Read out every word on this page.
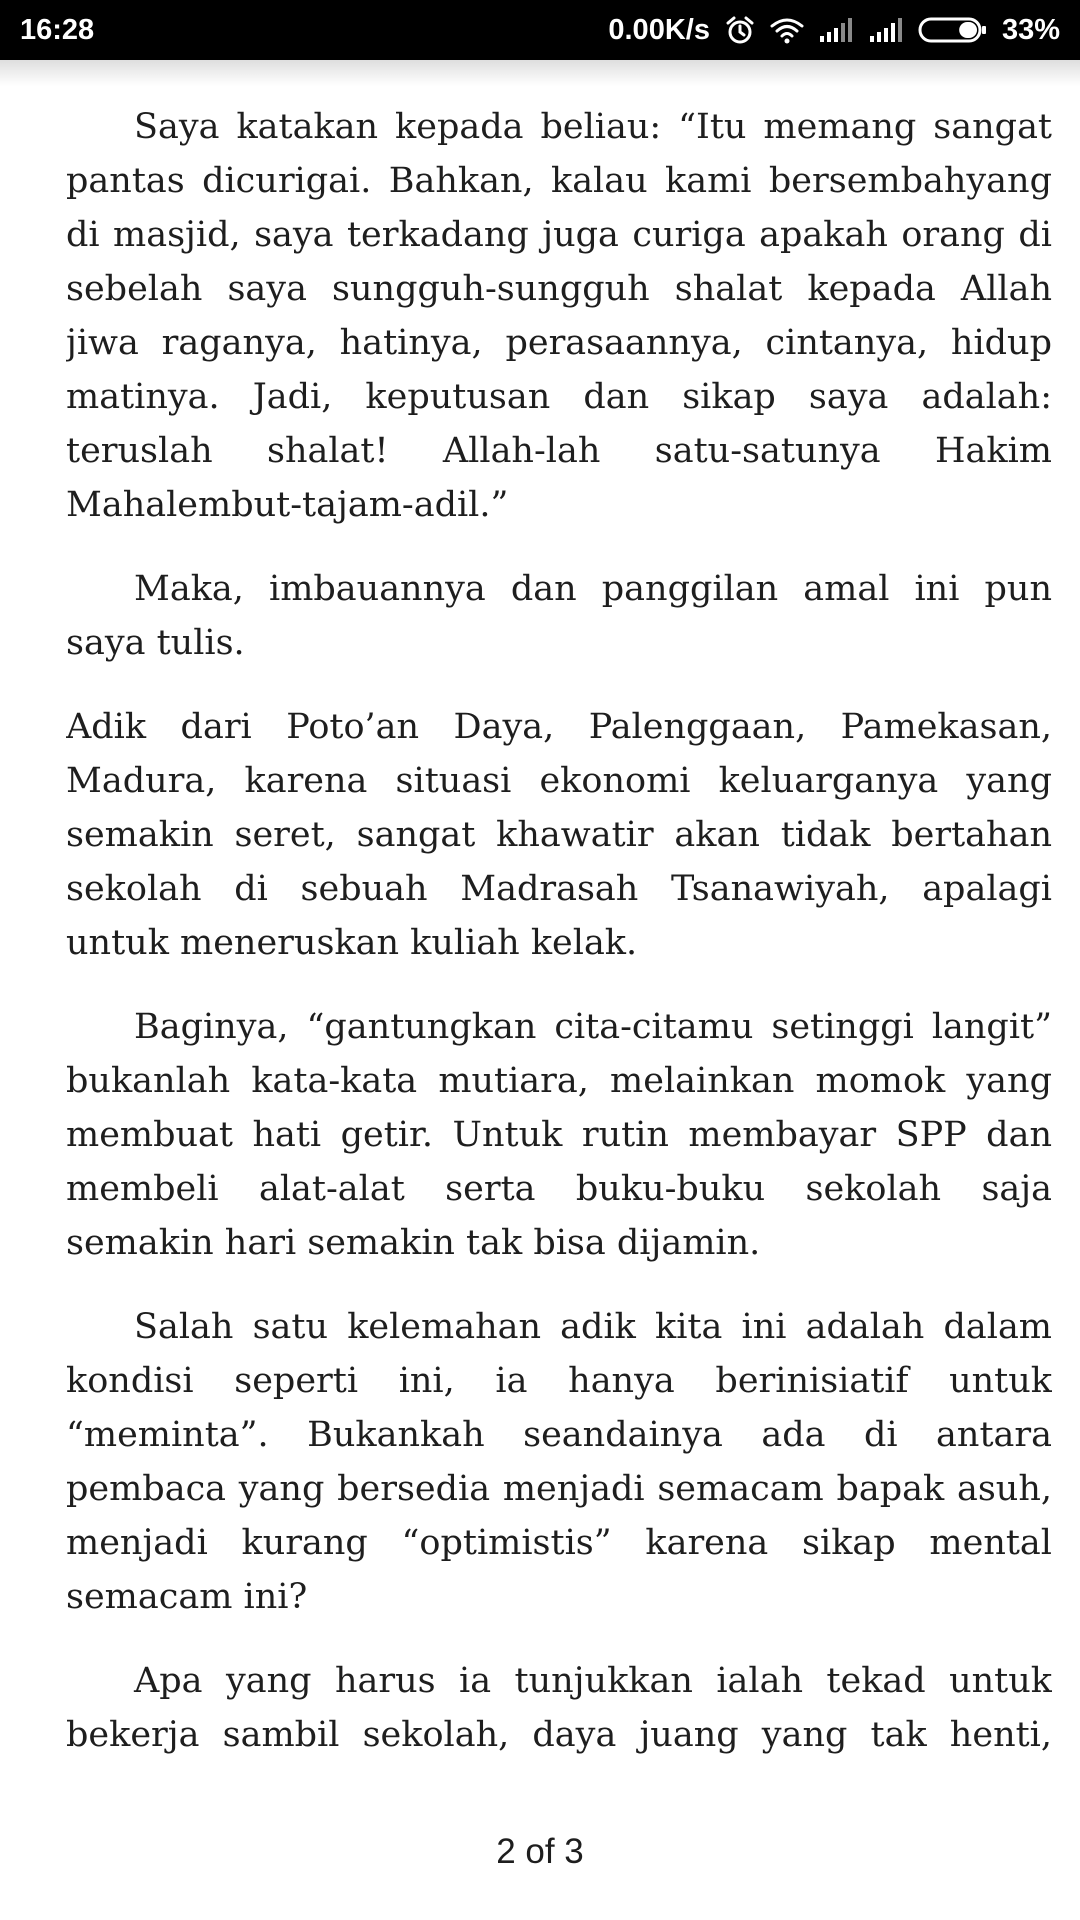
16:28	0.00K/s	33%

Saya katakan kepada beliau: “Itu memang sangat pantas dicurigai. Bahkan, kalau kami bersembahyang di masjid, saya terkadang juga curiga apakah orang di sebelah saya sungguh-sungguh shalat kepada Allah jiwa raganya, hatinya, perasaannya, cintanya, hidup matinya. Jadi, keputusan dan sikap saya adalah: teruslah shalat! Allah-lah satu-satunya Hakim Mahalembut-tajam-adil.”

Maka, imbauannya dan panggilan amal ini pun saya tulis.

Adik dari Poto’an Daya, Palenggaan, Pamekasan, Madura, karena situasi ekonomi keluarganya yang semakin seret, sangat khawatir akan tidak bertahan sekolah di sebuah Madrasah Tsanawiyah, apalagi untuk meneruskan kuliah kelak.

Baginya, “gantungkan cita-citamu setinggi langit” bukanlah kata-kata mutiara, melainkan momok yang membuat hati getir. Untuk rutin membayar SPP dan membeli alat-alat serta buku-buku sekolah saja semakin hari semakin tak bisa dijamin.

Salah satu kelemahan adik kita ini adalah dalam kondisi seperti ini, ia hanya berinisiatif untuk “meminta”. Bukankah seandainya ada di antara pembaca yang bersedia menjadi semacam bapak asuh, menjadi kurang “optimistis” karena sikap mental semacam ini?

Apa yang harus ia tunjukkan ialah tekad untuk bekerja sambil sekolah, daya juang yang tak henti,

2 of 3
